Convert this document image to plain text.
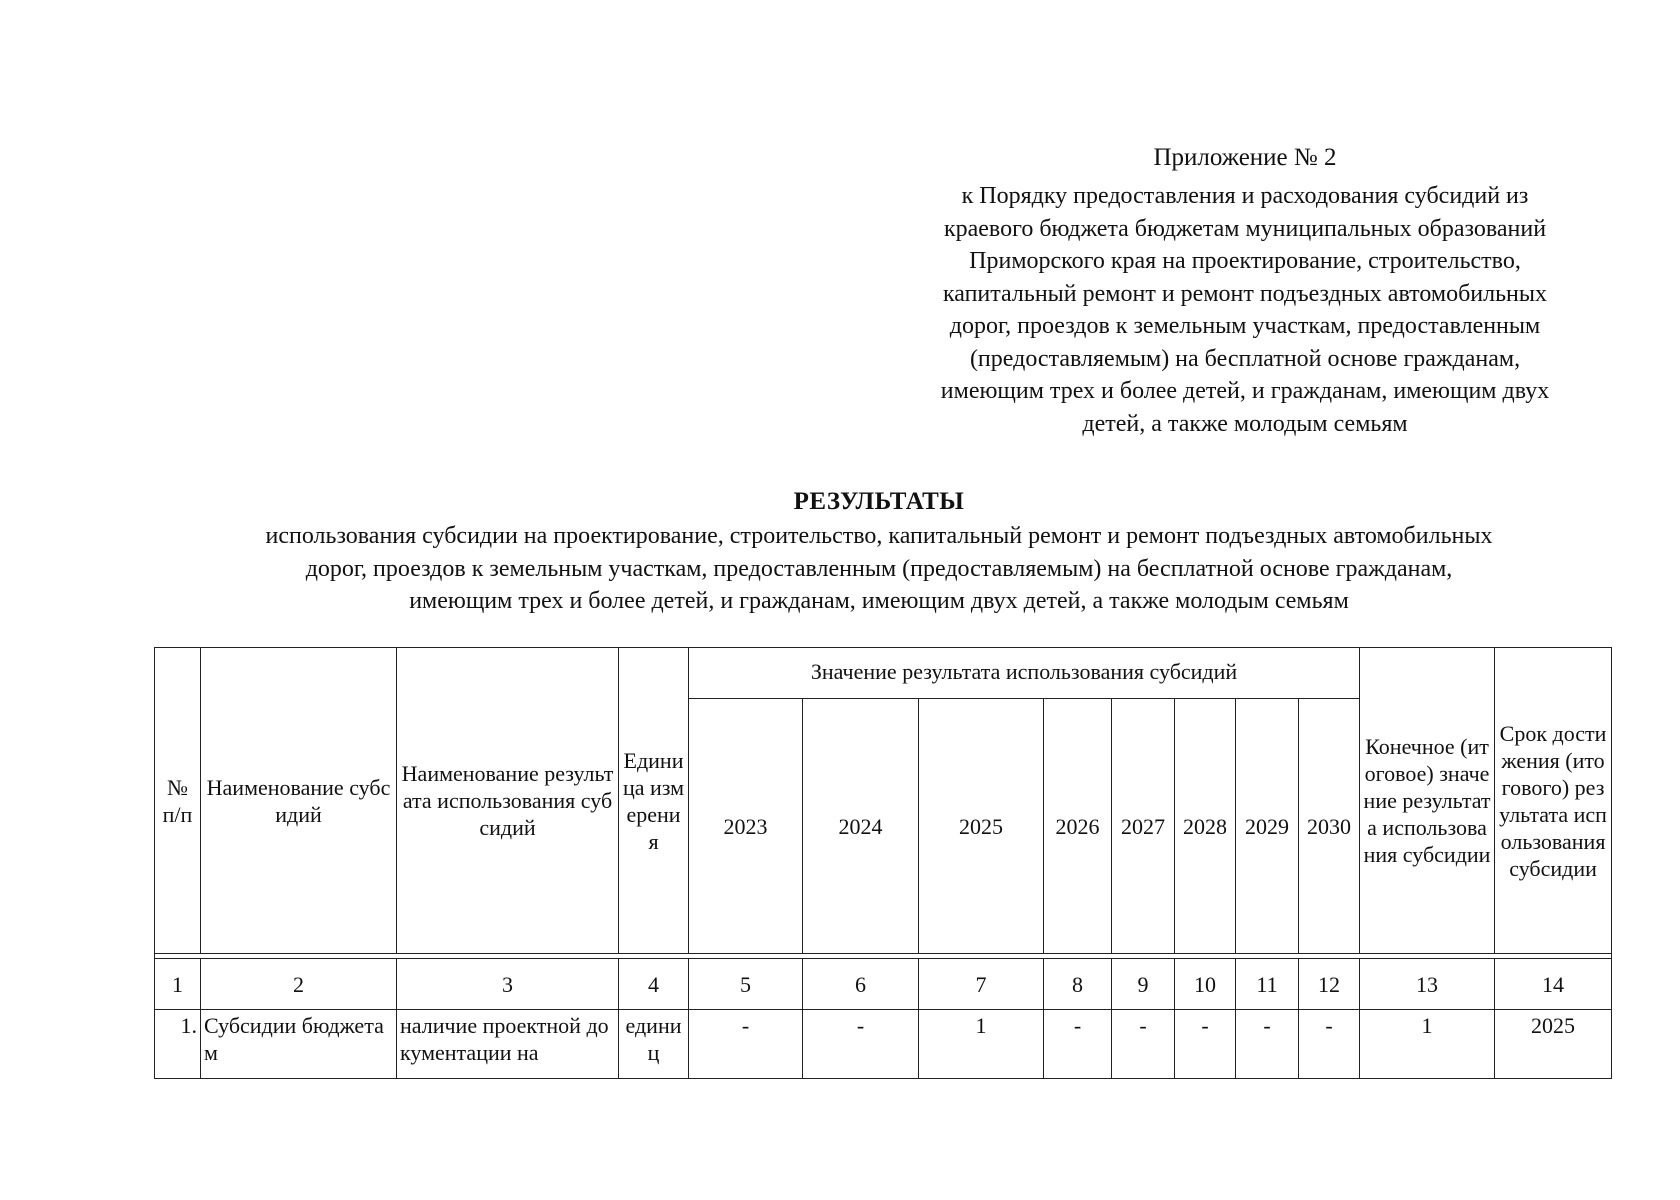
Приложение № 2

к Порядку предоставления и расходования субсидий из
краевого бюджета бюджетам муниципальных образований
Приморского края на проектирование, строительство,
капитальный ремонт и ремонт подъездных автомобильных
дорог, проездов к земельным участкам, предоставленным
(предоставляемым) на бесплатной основе гражданам,
имеющим трех и более детей, и гражданам, имеющим двух
детей, а также молодым семьям

РЕЗУЛЬТАТЫ

использования субсидии на проектирование, строительство, капитальный ремонт и ремонт подъездных автомобильных
дорог, проездов к земельным участкам, предоставленным (предоставляемым) на бесплатной основе гражданам,
имеющим трех и более детей, и гражданам, имеющим двух детей, а также молодым семьям

№ п/п	Наименование субсидий	Наименование результата использования субсидий	Единица измерения	Значение результата использования субсидий								Конечное (итоговое) значение результата использования субсидии	Срок достижения (итогового) результата использования субсидии
				2023	2024	2025	2026	2027	2028	2029	2030		

1	2	3	4	5	6	7	8	9	10	11	12	13	14
1.	Субсидии бюджетам	наличие проектной документации на	единиц	-	-	1	-	-	-	-	-	1	2025
